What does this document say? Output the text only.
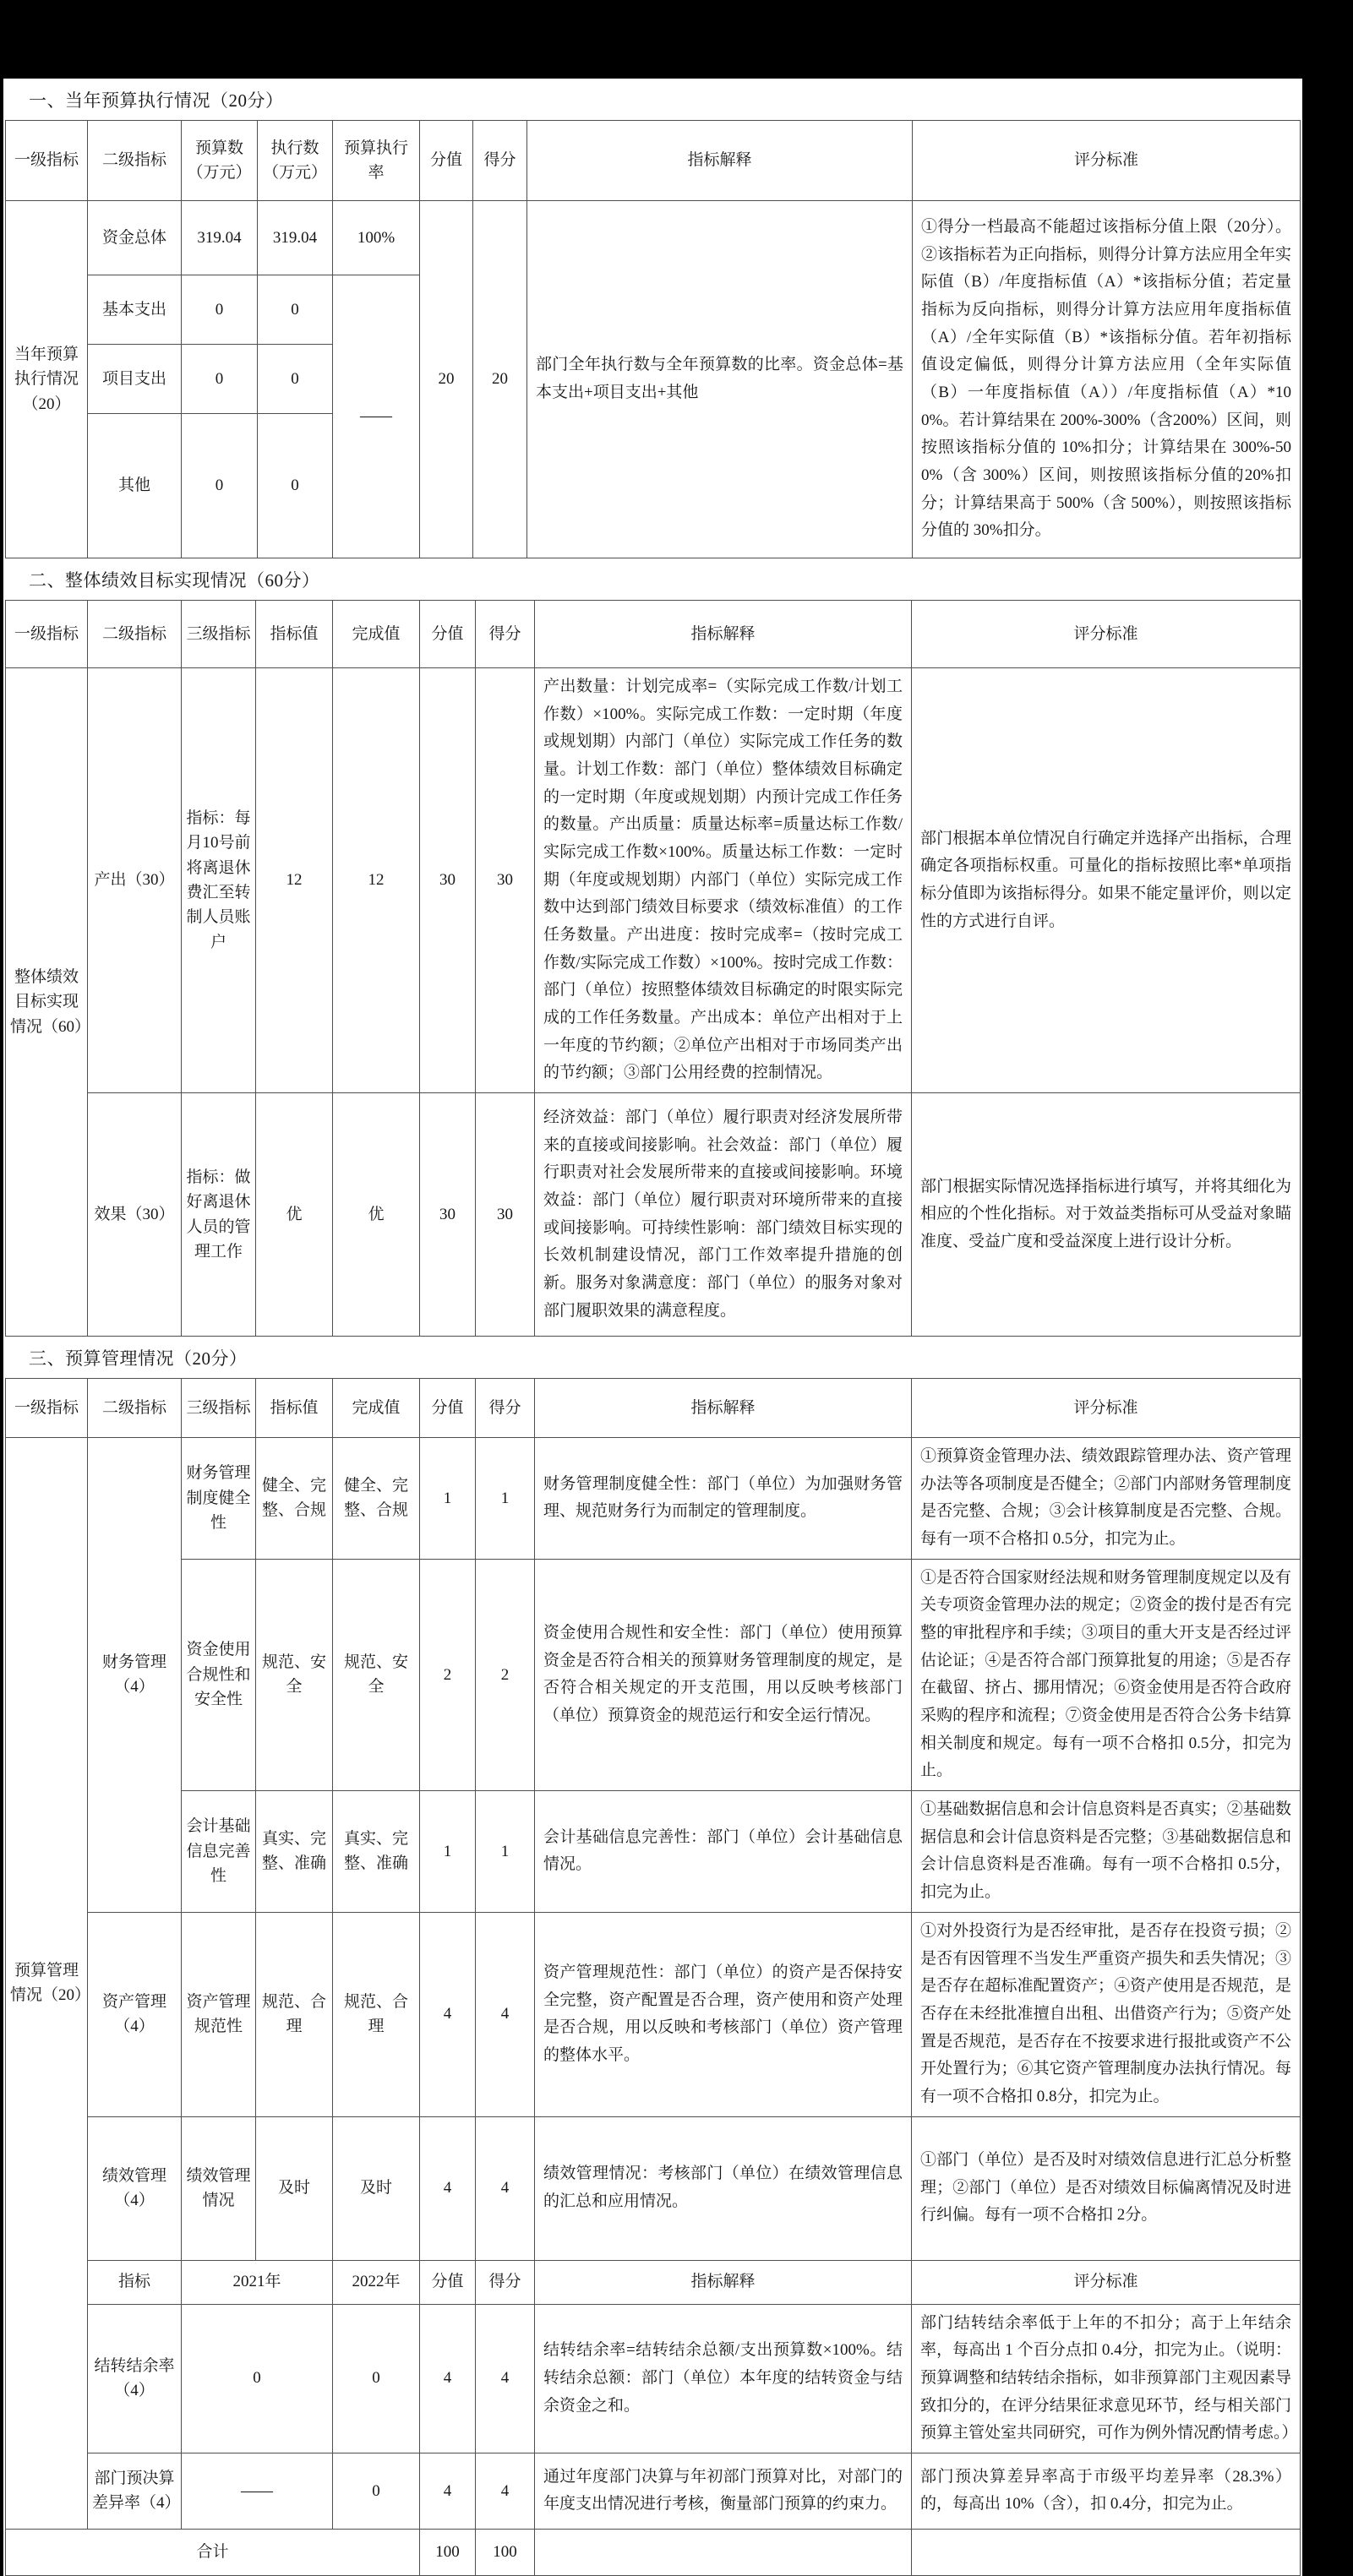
一、当年预算执行情况（20分）
一级指标	二级指标	预算数（万元）	执行数（万元）	预算执行率	分值	得分	指标解释	评分标准
当年预算执行情况（20）	资金总体	319.04	319.04	100%	20	20	部门全年执行数与全年预算数的比率。资金总体=基本支出+项目支出+其他	①得分一档最高不能超过该指标分值上限（20分）。②该指标若为正向指标，则得分计算方法应用全年实际值（B）/年度指标值（A）*该指标分值；若定量指标为反向指标，则得分计算方法应用年度指标值（A）/全年实际值（B）*该指标分值。若年初指标值设定偏低，则得分计算方法应用（全年实际值（B）一年度指标值（A））/年度指标值（A）*100%。若计算结果在 200%-300%（含200%）区间，则按照该指标分值的 10%扣分；计算结果在 300%-500%（含 300%）区间，则按照该指标分值的20%扣分；计算结果高于 500%（含 500%），则按照该指标分值的 30%扣分。
	基本支出	0	0	——				
	项目支出	0	0					
	其他	0	0					
二、整体绩效目标实现情况（60分）
一级指标	二级指标	三级指标	指标值	完成值	分值	得分	指标解释	评分标准
整体绩效目标实现情况（60）	产出（30）	指标：每月10号前将离退休费汇至转制人员账户	12	12	30	30	产出数量：计划完成率=（实际完成工作数/计划工作数）×100%。实际完成工作数：一定时期（年度或规划期）内部门（单位）实际完成工作任务的数量。计划工作数：部门（单位）整体绩效目标确定的一定时期（年度或规划期）内预计完成工作任务的数量。产出质量：质量达标率=质量达标工作数/实际完成工作数×100%。质量达标工作数：一定时期（年度或规划期）内部门（单位）实际完成工作数中达到部门绩效目标要求（绩效标准值）的工作任务数量。产出进度：按时完成率=（按时完成工作数/实际完成工作数）×100%。按时完成工作数：部门（单位）按照整体绩效目标确定的时限实际完成的工作任务数量。产出成本：单位产出相对于上一年度的节约额；②单位产出相对于市场同类产出的节约额；③部门公用经费的控制情况。	部门根据本单位情况自行确定并选择产出指标，合理确定各项指标权重。可量化的指标按照比率*单项指标分值即为该指标得分。如果不能定量评价，则以定性的方式进行自评。
	效果（30）	指标：做好离退休人员的管理工作	优	优	30	30	经济效益：部门（单位）履行职责对经济发展所带来的直接或间接影响。社会效益：部门（单位）履行职责对社会发展所带来的直接或间接影响。环境效益：部门（单位）履行职责对环境所带来的直接或间接影响。可持续性影响：部门绩效目标实现的长效机制建设情况，部门工作效率提升措施的创新。服务对象满意度：部门（单位）的服务对象对部门履职效果的满意程度。	部门根据实际情况选择指标进行填写，并将其细化为相应的个性化指标。对于效益类指标可从受益对象瞄准度、受益广度和受益深度上进行设计分析。
三、预算管理情况（20分）
一级指标	二级指标	三级指标	指标值	完成值	分值	得分	指标解释	评分标准
预算管理情况（20）	财务管理（4）	财务管理制度健全性	健全、完整、合规	健全、完整、合规	1	1	财务管理制度健全性：部门（单位）为加强财务管理、规范财务行为而制定的管理制度。	①预算资金管理办法、绩效跟踪管理办法、资产管理办法等各项制度是否健全；②部门内部财务管理制度是否完整、合规；③会计核算制度是否完整、合规。每有一项不合格扣 0.5分，扣完为止。
		资金使用合规性和安全性	规范、安全	规范、安全	2	2	资金使用合规性和安全性：部门（单位）使用预算资金是否符合相关的预算财务管理制度的规定，是否符合相关规定的开支范围，用以反映考核部门（单位）预算资金的规范运行和安全运行情况。	①是否符合国家财经法规和财务管理制度规定以及有关专项资金管理办法的规定；②资金的拨付是否有完整的审批程序和手续；③项目的重大开支是否经过评估论证；④是否符合部门预算批复的用途；⑤是否存在截留、挤占、挪用情况；⑥资金使用是否符合政府采购的程序和流程；⑦资金使用是否符合公务卡结算相关制度和规定。每有一项不合格扣 0.5分，扣完为止。
		会计基础信息完善性	真实、完整、准确	真实、完整、准确	1	1	会计基础信息完善性：部门（单位）会计基础信息情况。	①基础数据信息和会计信息资料是否真实；②基础数据信息和会计信息资料是否完整；③基础数据信息和会计信息资料是否准确。每有一项不合格扣 0.5分，扣完为止。
	资产管理（4）	资产管理规范性	规范、合理	规范、合理	4	4	资产管理规范性：部门（单位）的资产是否保持安全完整，资产配置是否合理，资产使用和资产处理是否合规，用以反映和考核部门（单位）资产管理的整体水平。	①对外投资行为是否经审批，是否存在投资亏损；②是否有因管理不当发生严重资产损失和丢失情况；③是否存在超标准配置资产；④资产使用是否规范，是否存在未经批准擅自出租、出借资产行为；⑤资产处置是否规范，是否存在不按要求进行报批或资产不公开处置行为；⑥其它资产管理制度办法执行情况。每有一项不合格扣 0.8分，扣完为止。
	绩效管理（4）	绩效管理情况	及时	及时	4	4	绩效管理情况：考核部门（单位）在绩效管理信息的汇总和应用情况。	①部门（单位）是否及时对绩效信息进行汇总分析整理；②部门（单位）是否对绩效目标偏离情况及时进行纠偏。每有一项不合格扣 2分。
	指标	2021年		2022年	分值	得分	指标解释	评分标准
	结转结余率（4）	0		0	4	4	结转结余率=结转结余总额/支出预算数×100%。结转结余总额：部门（单位）本年度的结转资金与结余资金之和。	部门结转结余率低于上年的不扣分；高于上年结余率，每高出 1 个百分点扣 0.4分，扣完为止。（说明：预算调整和结转结余指标，如非预算部门主观因素导致扣分的，在评分结果征求意见环节，经与相关部门预算主管处室共同研究，可作为例外情况酌情考虑。）
	部门预决算差异率（4）	——		0	4	4	通过年度部门决算与年初部门预算对比，对部门的年度支出情况进行考核，衡量部门预算的约束力。	部门预决算差异率高于市级平均差异率（28.3%）的，每高出 10%（含），扣 0.4分，扣完为止。
合计					100	100		
